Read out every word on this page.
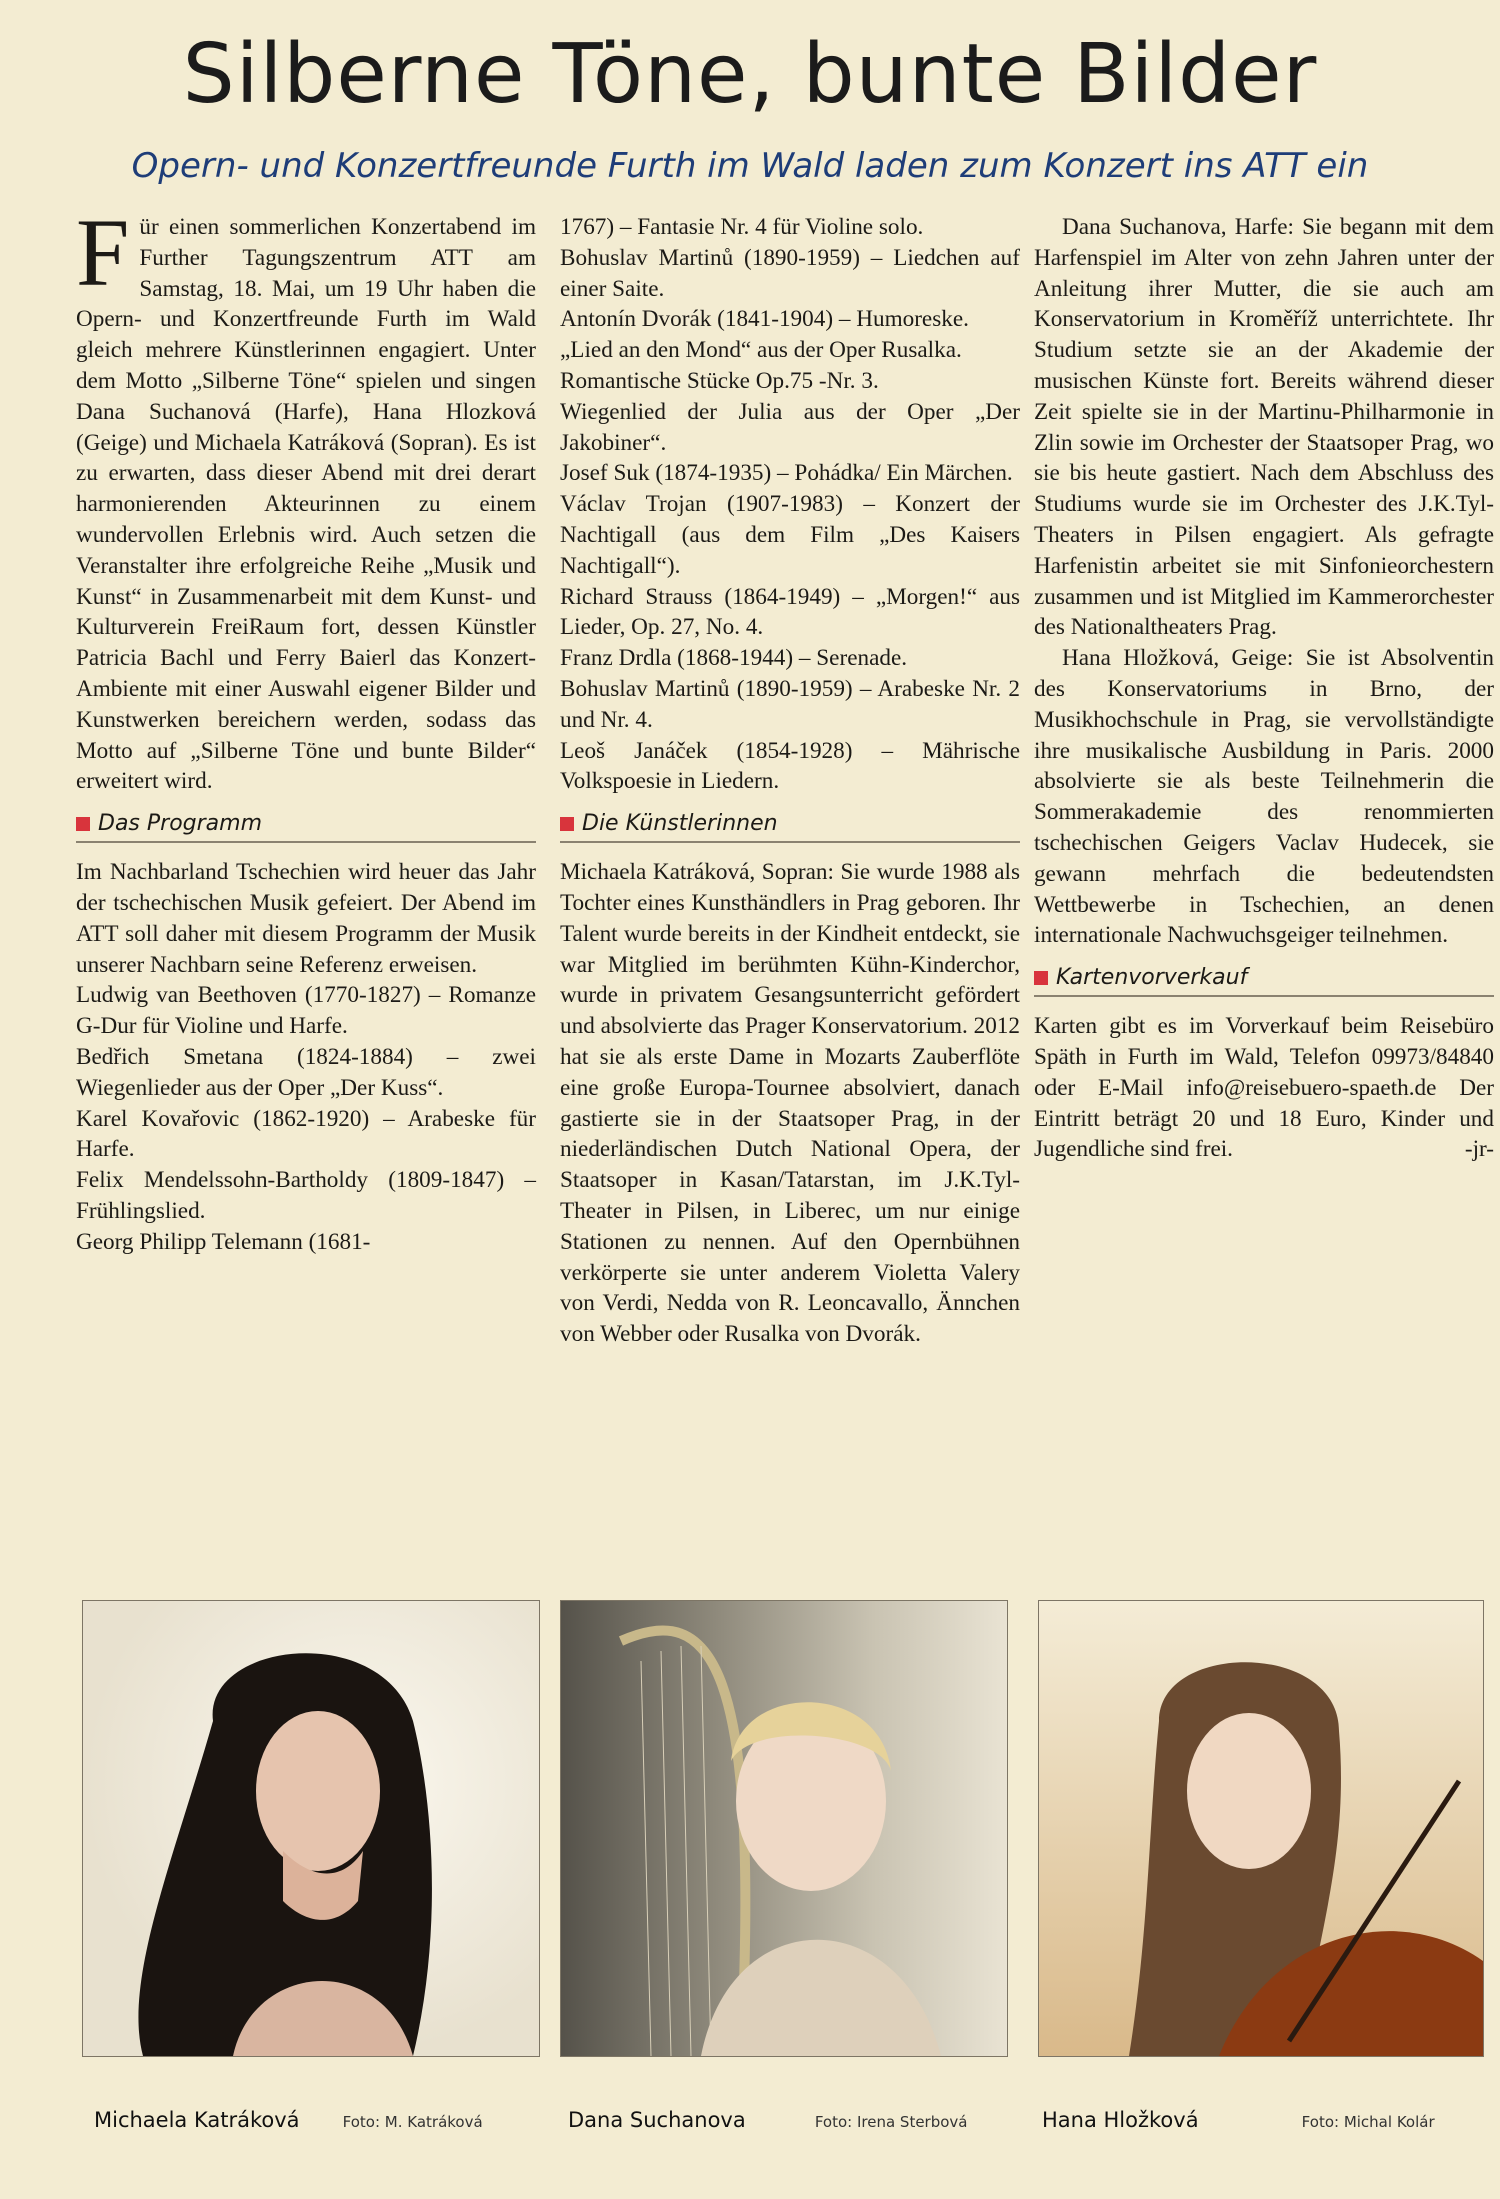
Silberne Töne, bunte Bilder
Opern- und Konzertfreunde Furth im Wald laden zum Konzert ins ATT ein

Für einen sommerlichen Konzertabend im Further Tagungszentrum ATT am Samstag, 18. Mai, um 19 Uhr haben die Opern- und Konzertfreunde Furth im Wald gleich mehrere Künstlerinnen engagiert. Unter dem Motto „Silberne Töne“ spielen und singen Dana Suchanová (Harfe), Hana Hlozková (Geige) und Michaela Katráková (Sopran). Es ist zu erwarten, dass dieser Abend mit drei derart harmonierenden Akteurinnen zu einem wundervollen Erlebnis wird. Auch setzen die Veranstalter ihre erfolgreiche Reihe „Musik und Kunst“ in Zusammenarbeit mit dem Kunst- und Kulturverein FreiRaum fort, dessen Künstler Patricia Bachl und Ferry Baierl das Konzert-Ambiente mit einer Auswahl eigener Bilder und Kunstwerken bereichern werden, sodass das Motto auf „Silberne Töne und bunte Bilder“ erweitert wird.

Das Programm

Im Nachbarland Tschechien wird heuer das Jahr der tschechischen Musik gefeiert. Der Abend im ATT soll daher mit diesem Programm der Musik unserer Nachbarn seine Referenz erweisen.

Ludwig van Beethoven (1770-1827) – Romanze G-Dur für Violine und Harfe.

Bedřich Smetana (1824-1884) – zwei Wiegenlieder aus der Oper „Der Kuss“.

Karel Kovařovic (1862-1920) – Arabeske für Harfe.

Felix Mendelssohn-Bartholdy (1809-1847) – Frühlingslied.

Georg Philipp Telemann (1681-

1767) – Fantasie Nr. 4 für Violine solo.

Bohuslav Martinů (1890-1959) – Liedchen auf einer Saite.

Antonín Dvorák (1841-1904) – Humoreske.

„Lied an den Mond“ aus der Oper Rusalka.

Romantische Stücke Op.75 -Nr. 3.

Wiegenlied der Julia aus der Oper „Der Jakobiner“.

Josef Suk (1874-1935) – Pohádka/ Ein Märchen.

Václav Trojan (1907-1983) – Konzert der Nachtigall (aus dem Film „Des Kaisers Nachtigall“).

Richard Strauss (1864-1949) – „Morgen!“ aus Lieder, Op. 27, No. 4.

Franz Drdla (1868-1944) – Serenade.

Bohuslav Martinů (1890-1959) – Arabeske Nr. 2 und Nr. 4.

Leoš Janáček (1854-1928) – Mährische Volkspoesie in Liedern.

Die Künstlerinnen

Michaela Katráková, Sopran: Sie wurde 1988 als Tochter eines Kunsthändlers in Prag geboren. Ihr Talent wurde bereits in der Kindheit entdeckt, sie war Mitglied im berühmten Kühn-Kinderchor, wurde in privatem Gesangsunterricht gefördert und absolvierte das Prager Konservatorium. 2012 hat sie als erste Dame in Mozarts Zauberflöte eine große Europa-Tournee absolviert, danach gastierte sie in der Staatsoper Prag, in der niederländischen Dutch National Opera, der Staatsoper in Kasan/Tatarstan, im J.K.Tyl-Theater in Pilsen, in Liberec, um nur einige Stationen zu nennen. Auf den Opernbühnen verkörperte sie unter anderem Violetta Valery von Verdi, Nedda von R. Leoncavallo, Ännchen von Webber oder Rusalka von Dvorák.

Dana Suchanova, Harfe: Sie begann mit dem Harfenspiel im Alter von zehn Jahren unter der Anleitung ihrer Mutter, die sie auch am Konservatorium in Kroměříž unterrichtete. Ihr Studium setzte sie an der Akademie der musischen Künste fort. Bereits während dieser Zeit spielte sie in der Martinu-Philharmonie in Zlin sowie im Orchester der Staatsoper Prag, wo sie bis heute gastiert. Nach dem Abschluss des Studiums wurde sie im Orchester des J.K.Tyl-Theaters in Pilsen engagiert. Als gefragte Harfenistin arbeitet sie mit Sinfonieorchestern zusammen und ist Mitglied im Kammerorchester des Nationaltheaters Prag.

Hana Hložková, Geige: Sie ist Absolventin des Konservatoriums in Brno, der Musikhochschule in Prag, sie vervollständigte ihre musikalische Ausbildung in Paris. 2000 absolvierte sie als beste Teilnehmerin die Sommerakademie des renommierten tschechischen Geigers Vaclav Hudecek, sie gewann mehrfach die bedeutendsten Wettbewerbe in Tschechien, an denen internationale Nachwuchsgeiger teilnehmen.

Kartenvorverkauf

Karten gibt es im Vorverkauf beim Reisebüro Späth in Furth im Wald, Telefon 09973/84840 oder E-Mail info@reisebuero-spaeth.de Der Eintritt beträgt 20 und 18 Euro, Kinder und Jugendliche sind frei.	-jr-

Michaela Katráková	Foto: M. Katráková	Dana Suchanova	Foto: Irena Sterbová	Hana Hložková	Foto: Michal Kolár
